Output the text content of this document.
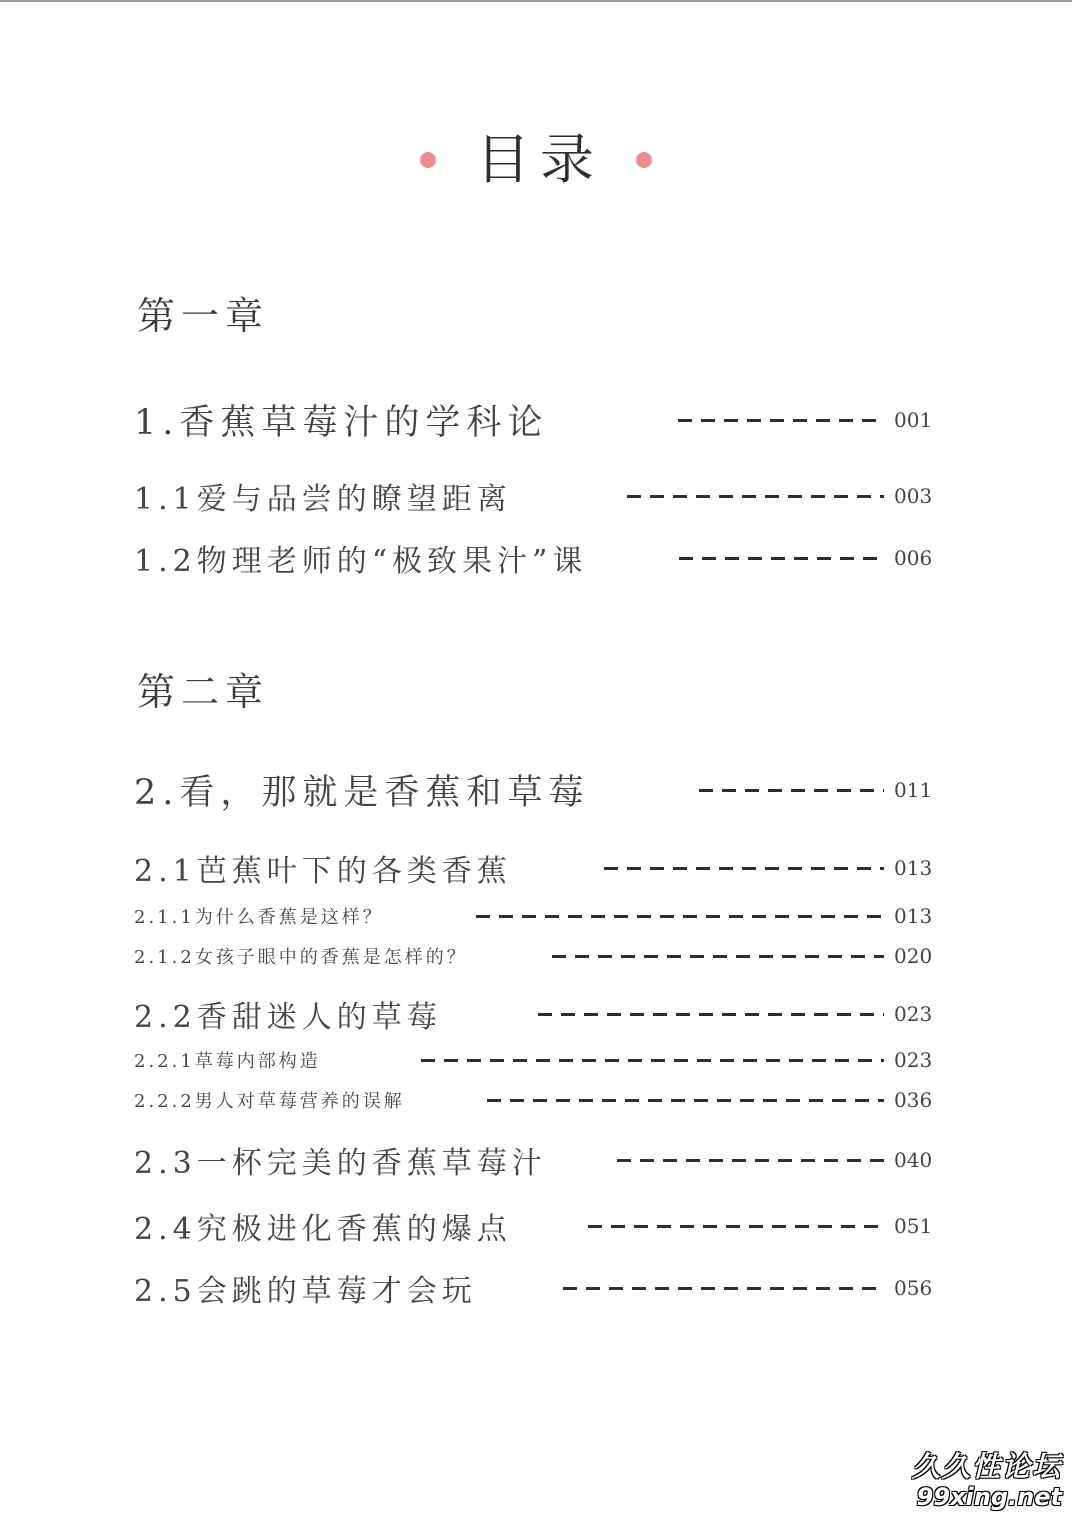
目录
第一章
1.香蕉草莓汁的学科论	001
1.1爱与品尝的瞭望距离	003
1.2物理老师的“极致果汁”课	006
第二章
2.看，那就是香蕉和草莓	011
2.1芭蕉叶下的各类香蕉	013
2.1.1为什么香蕉是这样？	013
2.1.2女孩子眼中的香蕉是怎样的？	020
2.2香甜迷人的草莓	023
2.2.1草莓内部构造	023
2.2.2男人对草莓营养的误解	036
2.3一杯完美的香蕉草莓汁	040
2.4究极进化香蕉的爆点	051
2.5会跳的草莓才会玩	056
久久性论坛
99xing.net
